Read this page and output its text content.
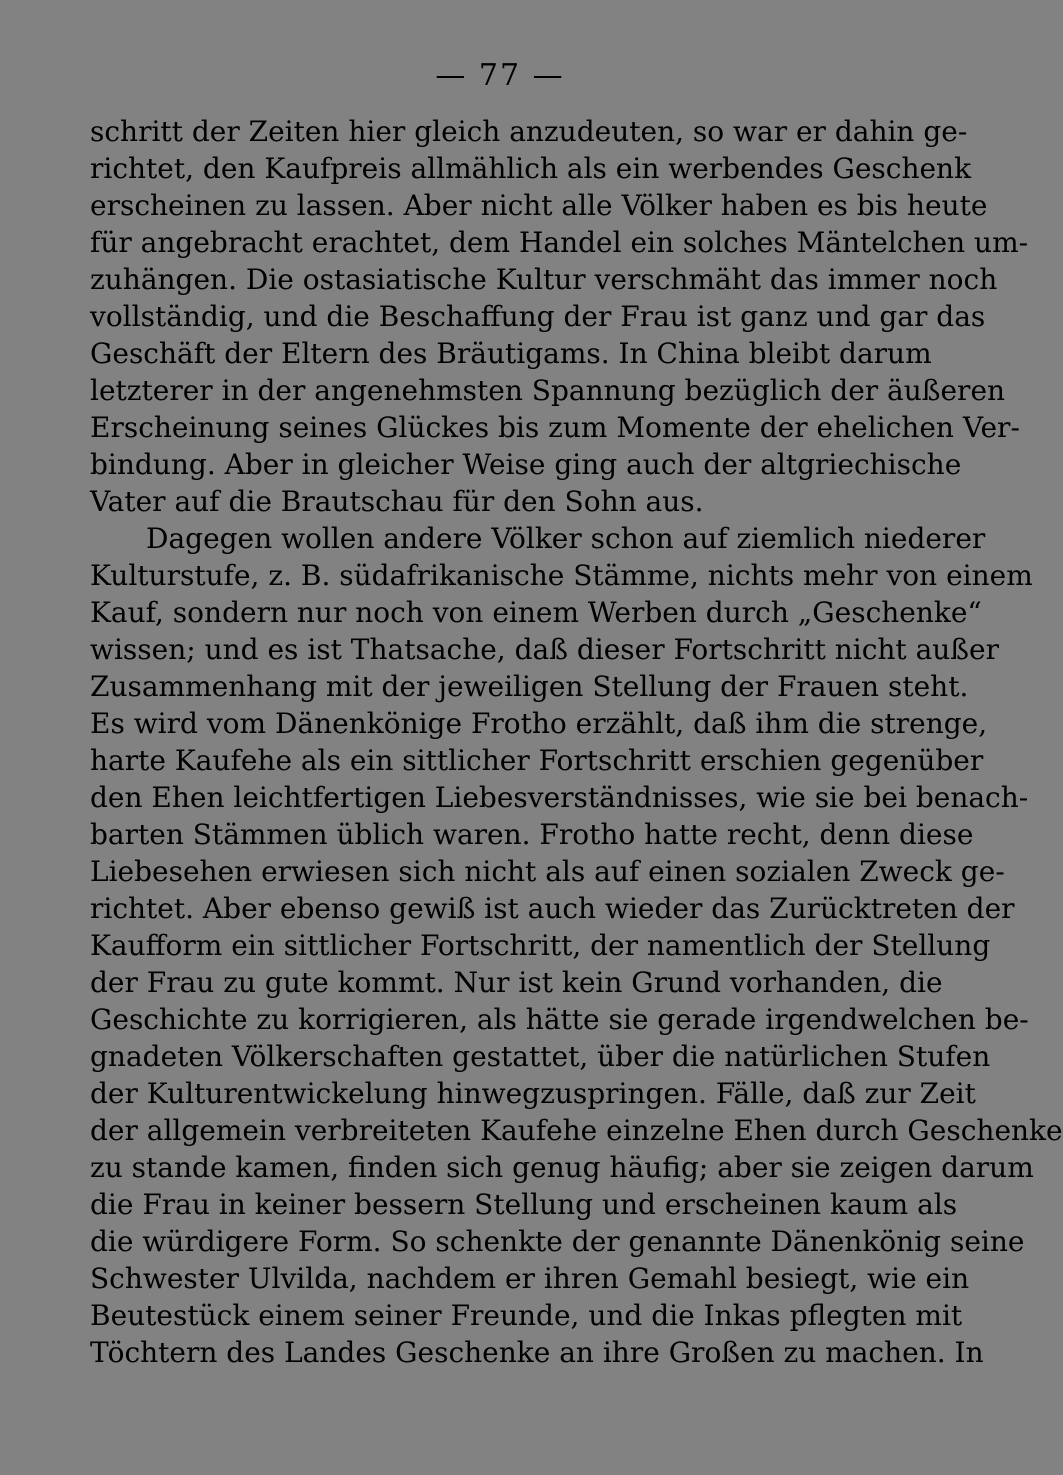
— 77 —
schritt der Zeiten hier gleich anzudeuten, so war er dahin ge-
richtet, den Kaufpreis allmählich als ein werbendes Geschenk
erscheinen zu lassen. Aber nicht alle Völker haben es bis heute
für angebracht erachtet, dem Handel ein solches Mäntelchen um-
zuhängen. Die ostasiatische Kultur verschmäht das immer noch
vollständig, und die Beschaffung der Frau ist ganz und gar das
Geschäft der Eltern des Bräutigams. In China bleibt darum
letzterer in der angenehmsten Spannung bezüglich der äußeren
Erscheinung seines Glückes bis zum Momente der ehelichen Ver-
bindung. Aber in gleicher Weise ging auch der altgriechische
Vater auf die Brautschau für den Sohn aus.
Dagegen wollen andere Völker schon auf ziemlich niederer
Kulturstufe, z. B. südafrikanische Stämme, nichts mehr von einem
Kauf, sondern nur noch von einem Werben durch „Geschenke“
wissen; und es ist Thatsache, daß dieser Fortschritt nicht außer
Zusammenhang mit der jeweiligen Stellung der Frauen steht.
Es wird vom Dänenkönige Frotho erzählt, daß ihm die strenge,
harte Kaufehe als ein sittlicher Fortschritt erschien gegenüber
den Ehen leichtfertigen Liebesverständnisses, wie sie bei benach-
barten Stämmen üblich waren. Frotho hatte recht, denn diese
Liebesehen erwiesen sich nicht als auf einen sozialen Zweck ge-
richtet. Aber ebenso gewiß ist auch wieder das Zurücktreten der
Kaufform ein sittlicher Fortschritt, der namentlich der Stellung
der Frau zu gute kommt. Nur ist kein Grund vorhanden, die
Geschichte zu korrigieren, als hätte sie gerade irgendwelchen be-
gnadeten Völkerschaften gestattet, über die natürlichen Stufen
der Kulturentwickelung hinwegzuspringen. Fälle, daß zur Zeit
der allgemein verbreiteten Kaufehe einzelne Ehen durch Geschenke
zu stande kamen, finden sich genug häufig; aber sie zeigen darum
die Frau in keiner bessern Stellung und erscheinen kaum als
die würdigere Form. So schenkte der genannte Dänenkönig seine
Schwester Ulvilda, nachdem er ihren Gemahl besiegt, wie ein
Beutestück einem seiner Freunde, und die Inkas pflegten mit
Töchtern des Landes Geschenke an ihre Großen zu machen. In
